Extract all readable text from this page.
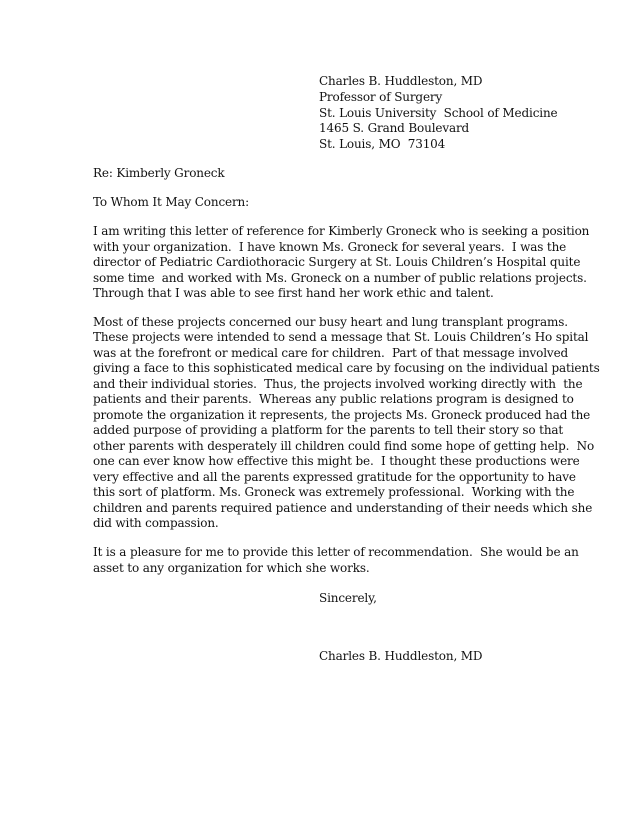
Charles B. Huddleston, MD
Professor of Surgery
St. Louis University  School of Medicine
1465 S. Grand Boulevard
St. Louis, MO  73104
Re: Kimberly Groneck
To Whom It May Concern:
I am writing this letter of reference for Kimberly Groneck who is seeking a position
with your organization.  I have known Ms. Groneck for several years.  I was the
director of Pediatric Cardiothoracic Surgery at St. Louis Children’s Hospital quite
some time  and worked with Ms. Groneck on a number of public relations projects.
Through that I was able to see first hand her work ethic and talent.
Most of these projects concerned our busy heart and lung transplant programs.
These projects were intended to send a message that St. Louis Children’s Ho spital
was at the forefront or medical care for children.  Part of that message involved
giving a face to this sophisticated medical care by focusing on the individual patients
and their individual stories.  Thus, the projects involved working directly with  the
patients and their parents.  Whereas any public relations program is designed to
promote the organization it represents, the projects Ms. Groneck produced had the
added purpose of providing a platform for the parents to tell their story so that
other parents with desperately ill children could find some hope of getting help.  No
one can ever know how effective this might be.  I thought these productions were
very effective and all the parents expressed gratitude for the opportunity to have
this sort of platform. Ms. Groneck was extremely professional.  Working with the
children and parents required patience and understanding of their needs which she
did with compassion.
It is a pleasure for me to provide this letter of recommendation.  She would be an
asset to any organization for which she works.
Sincerely,
Charles B. Huddleston, MD
